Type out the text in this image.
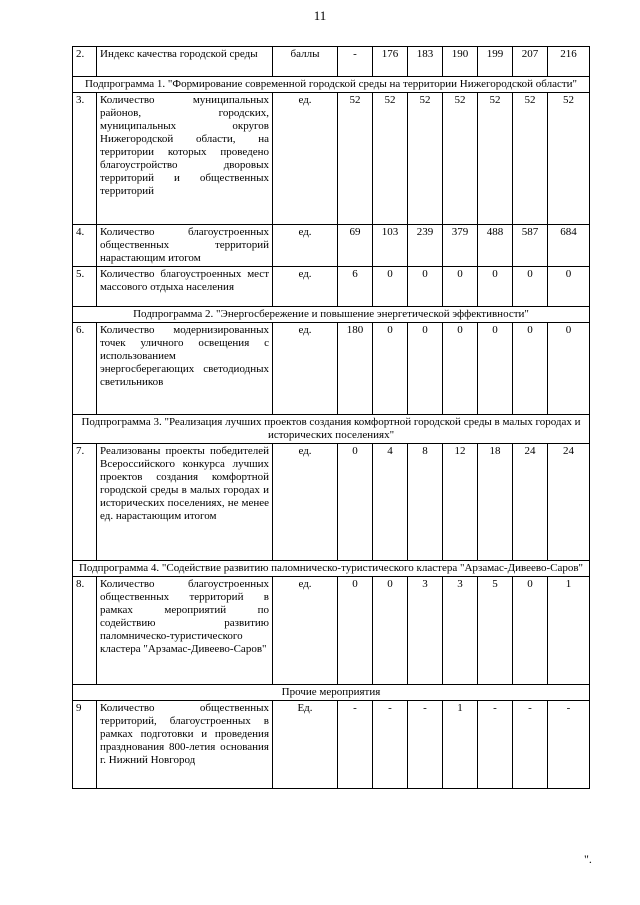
11
2.	Индекс качества городской среды	баллы	-	176	183	190	199	207	216
Подпрограмма 1. "Формирование современной городской среды на территории Нижегородской области"									
3.	Количество муниципальных районов, городских, муниципальных округов Нижегородской области, на территории которых проведено благоустройство дворовых территорий и общественных территорий	ед.	52	52	52	52	52	52	52
4.	Количество благоустроенных общественных территорий нарастающим итогом	ед.	69	103	239	379	488	587	684
5.	Количество благоустроенных мест массового отдыха населения	ед.	6	0	0	0	0	0	0
Подпрограмма 2. "Энергосбережение и повышение энергетической эффективности"									
6.	Количество модернизированных точек уличного освещения с использованием энергосберегающих светодиодных светильников	ед.	180	0	0	0	0	0	0
Подпрограмма 3. "Реализация лучших проектов создания комфортной городской среды в малых городах и исторических поселениях"									
7.	Реализованы проекты победителей Всероссийского конкурса лучших проектов создания комфортной городской среды в малых городах и исторических поселениях, не менее ед. нарастающим итогом	ед.	0	4	8	12	18	24	24
Подпрограмма 4. "Содействие развитию паломническо-туристического кластера "Арзамас-Дивеево-Саров"									
8.	Количество благоустроенных общественных территорий в рамках мероприятий по содействию развитию паломническо-туристического кластера "Арзамас-Дивеево-Саров"	ед.	0	0	3	3	5	0	1
Прочие мероприятия									
9	Количество общественных территорий, благоустроенных в рамках подготовки и проведения празднования 800-летия основания г. Нижний Новгород	Ед.	-	-	-	1	-	-	-
".
